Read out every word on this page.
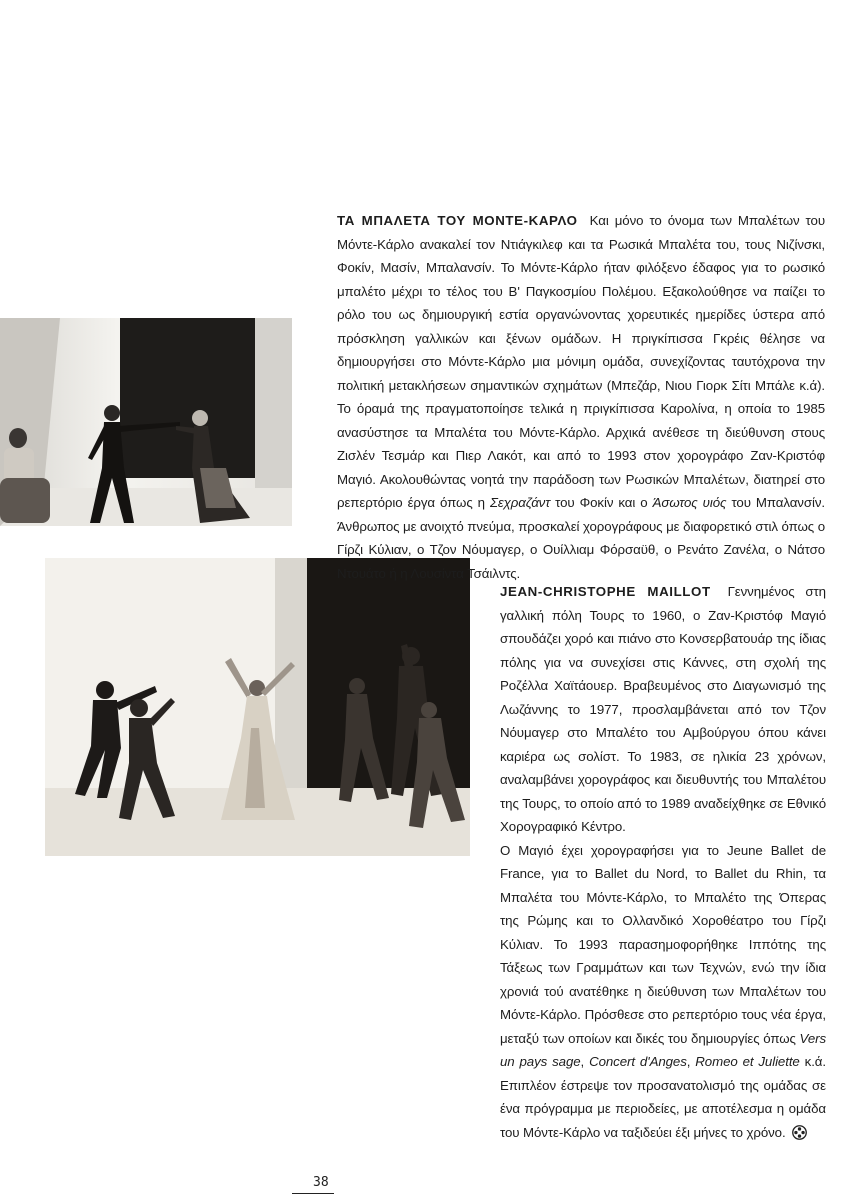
ΤΑ ΜΠΑΛΕΤΑ ΤΟΥ ΜΟΝΤΕ-ΚΑΡΛΟ Και μόνο το όνομα των Μπαλέτων του Μόντε-Κάρλο ανακαλεί τον Ντιάγκιλεφ και τα Ρωσικά Μπαλέτα του, τους Νιζίνσκι, Φοκίν, Μασίν, Μπαλανσίν. Το Μόντε-Κάρλο ήταν φιλόξενο έδαφος για το ρωσικό μπαλέτο μέχρι το τέλος του Β' Παγκοσμίου Πολέμου. Εξακολούθησε να παίζει το ρόλο του ως δημιουργική εστία οργανώνοντας χορευτικές ημερίδες ύστερα από πρόσκληση γαλλικών και ξένων ομάδων. Η πριγκίπισσα Γκρέις θέλησε να δημιουργήσει στο Μόντε-Κάρλο μια μόνιμη ομάδα, συνεχίζοντας ταυτόχρονα την πολιτική μετακλήσεων σημαντικών σχημάτων (Μπεζάρ, Νιου Γιορκ Σίτι Μπάλε κ.ά). Το όραμά της πραγματοποίησε τελικά η πριγκίπισσα Καρολίνα, η οποία το 1985 ανασύστησε τα Μπαλέτα του Μόντε-Κάρλο. Αρχικά ανέθεσε τη διεύθυνση στους Ζισλέν Τεσμάρ και Πιερ Λακότ, και από το 1993 στον χορογράφο Ζαν-Κριστόφ Μαγιό. Ακολουθώντας νοητά την παράδοση των Ρωσικών Μπαλέτων, διατηρεί στο ρεπερτόριο έργα όπως η Σεχραζάντ του Φοκίν και ο Άσωτος υιός του Μπαλανσίν. Άνθρωπος με ανοιχτό πνεύμα, προσκαλεί χορογράφους με διαφορετικό στιλ όπως ο Γίρζι Κύλιαν, ο Τζον Νόυμαγερ, ο Ουίλλιαμ Φόρσαϋθ, ο Ρενάτο Ζανέλα, ο Νάτσο Ντουάτο ή η Λουσίντα Τσάιλντς.

JEAN-CHRISTOPHE MAILLOT Γεννημένος στη γαλλική πόλη Τουρς το 1960, ο Ζαν-Κριστόφ Μαγιό σπουδάζει χορό και πιάνο στο Κονσερβατουάρ της ίδιας πόλης για να συνεχίσει στις Κάννες, στη σχολή της Ροζέλλα Χαϊτάουερ. Βραβευμένος στο Διαγωνισμό της Λωζάννης το 1977, προσλαμβάνεται από τον Τζον Νόυμαγερ στο Μπαλέτο του Αμβούργου όπου κάνει καριέρα ως σολίστ. Το 1983, σε ηλικία 23 χρόνων, αναλαμβάνει χορογράφος και διευθυντής του Μπαλέτου της Τουρς, το οποίο από το 1989 αναδείχθηκε σε Εθνικό Χορογραφικό Κέντρο.

Ο Μαγιό έχει χορογραφήσει για το Jeune Ballet de France, για το Ballet du Nord, το Ballet du Rhin, τα Μπαλέτα του Μόντε-Κάρλο, το Μπαλέτο της Όπερας της Ρώμης και το Ολλανδικό Χοροθέατρο του Γίρζι Κύλιαν. Το 1993 παρασημοφορήθηκε Ιππότης της Τάξεως των Γραμμάτων και των Τεχνών, ενώ την ίδια χρονιά τού ανατέθηκε η διεύθυνση των Μπαλέτων του Μόντε-Κάρλο. Πρόσθεσε στο ρεπερτόριο τους νέα έργα, μεταξύ των οποίων και δικές του δημιουργίες όπως Vers un pays sage, Concert d'Anges, Romeo et Juliette κ.ά. Επιπλέον έστρεψε τον προσανατολισμό της ομάδας σε ένα πρόγραμμα με περιοδείες, με αποτέλεσμα η ομάδα του Μόντε-Κάρλο να ταξιδεύει έξι μήνες το χρόνο.

38
